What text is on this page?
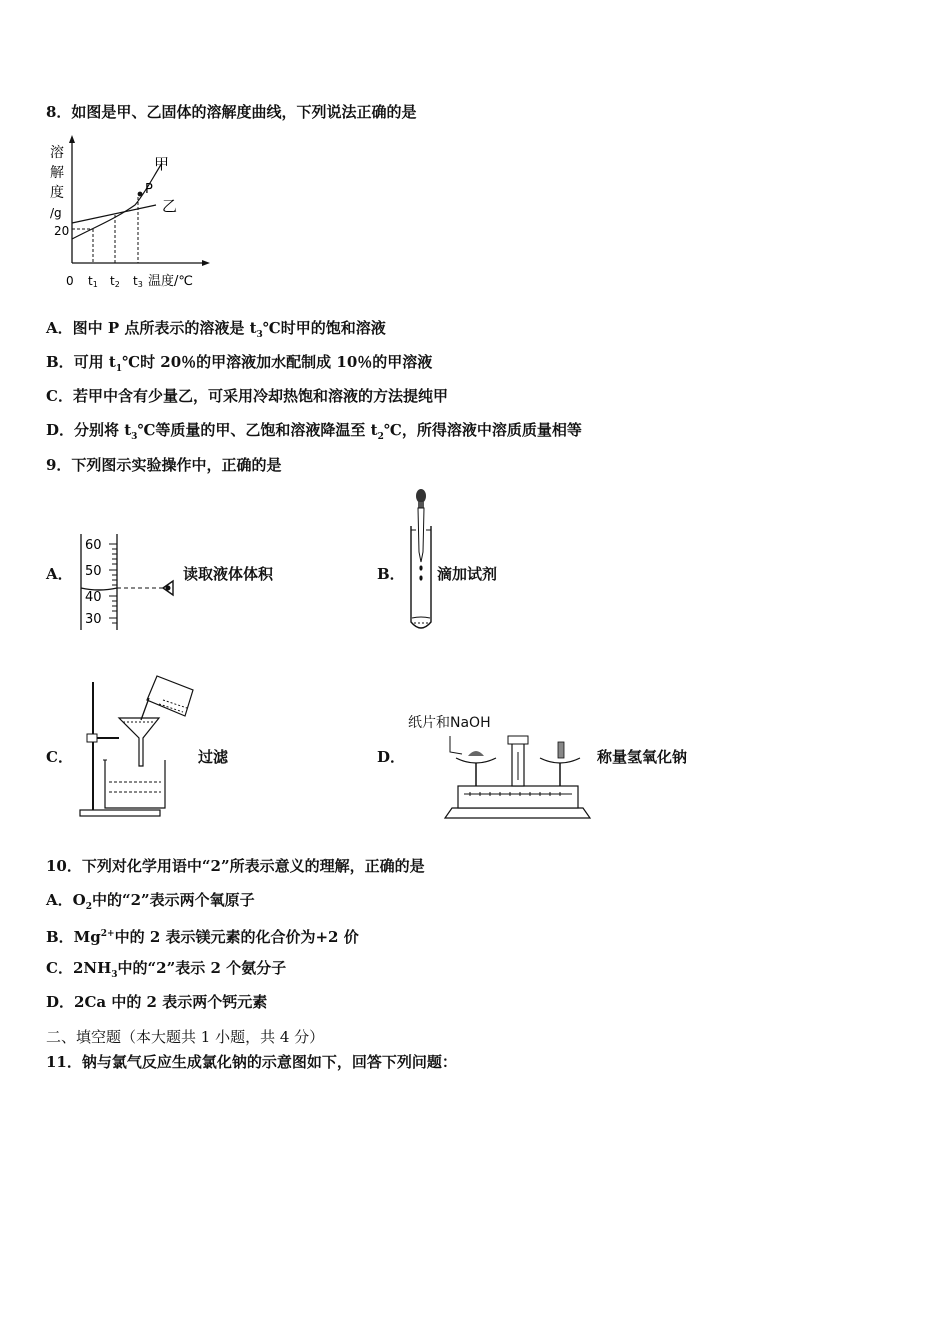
8．如图是甲、乙固体的溶解度曲线，下列说法正确的是
溶
解
度
/g
20
P
甲
乙
0 t1 t2 t3 温度/℃
A．图中 P 点所表示的溶液是 $t_3℃$时甲的饱和溶液
B．可用 $t_1℃$时 20％的甲溶液加水配制成 10％的甲溶液
C．若甲中含有少量乙，可采用冷却热饱和溶液的方法提纯甲
D．分别将 $t_3℃$等质量的甲、乙饱和溶液降温至 $t_2℃$，所得溶液中溶质质量相等
9．下列图示实验操作中，正确的是
A．
60
50
40
30
读取液体体积	B． 滴加试剂
C．	过滤	D．
纸片和NaOH
称量氢氧化钠
10．下列对化学用语中“2”所表示意义的理解，正确的是
A．$O_2$中的“2”表示两个氧原子
B．$Mg^{2+}$中的 2 表示镁元素的化合价为+2 价
C．$2NH_3$中的“2”表示 2 个氨分子
D．2Ca 中的 2 表示两个钙元素
二、填空题（本大题共 1 小题，共 4 分）
11．钠与氯气反应生成氯化钠的示意图如下，回答下列问题：
